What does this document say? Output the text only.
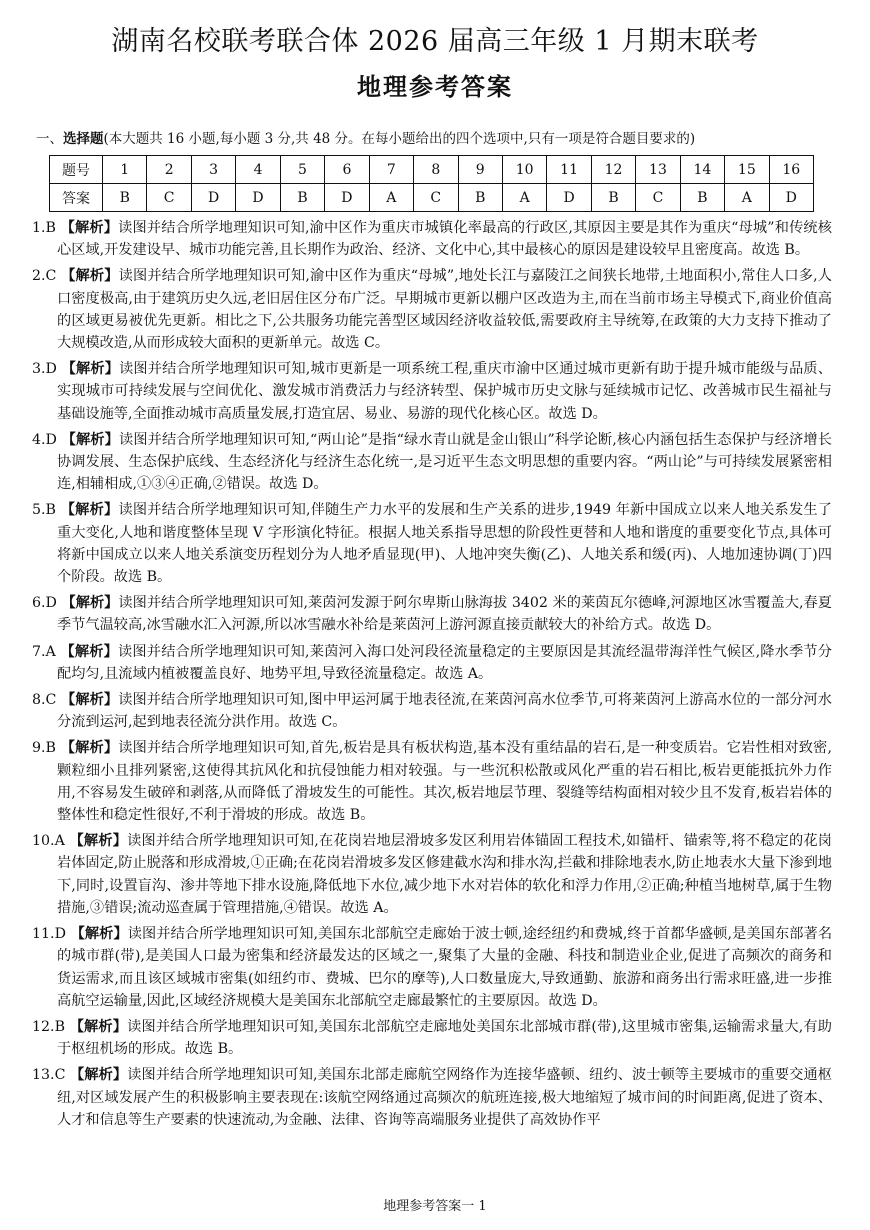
湖南名校联考联合体 2026 届高三年级 1 月期末联考
地理参考答案
一、选择题(本大题共 16 小题,每小题 3 分,共 48 分。在每小题给出的四个选项中,只有一项是符合题目要求的)
题号	1	2	3	4	5	6	7	8	9	10	11	12	13	14	15	16
答案	B	C	D	D	B	D	A	C	B	A	D	B	C	B	A	D
1.B 【解析】读图并结合所学地理知识可知,渝中区作为重庆市城镇化率最高的行政区,其原因主要是其作为重庆“母城”和传统核心区域,开发建设早、城市功能完善,且长期作为政治、经济、文化中心,其中最核心的原因是建设较早且密度高。故选 B。
2.C 【解析】读图并结合所学地理知识可知,渝中区作为重庆“母城”,地处长江与嘉陵江之间狭长地带,土地面积小,常住人口多,人口密度极高,由于建筑历史久远,老旧居住区分布广泛。早期城市更新以棚户区改造为主,而在当前市场主导模式下,商业价值高的区域更易被优先更新。相比之下,公共服务功能完善型区域因经济收益较低,需要政府主导统筹,在政策的大力支持下推动了大规模改造,从而形成较大面积的更新单元。故选 C。
3.D 【解析】读图并结合所学地理知识可知,城市更新是一项系统工程,重庆市渝中区通过城市更新有助于提升城市能级与品质、实现城市可持续发展与空间优化、激发城市消费活力与经济转型、保护城市历史文脉与延续城市记忆、改善城市民生福祉与基础设施等,全面推动城市高质量发展,打造宜居、易业、易游的现代化核心区。故选 D。
4.D 【解析】读图并结合所学地理知识可知,“两山论”是指“绿水青山就是金山银山”科学论断,核心内涵包括生态保护与经济增长协调发展、生态保护底线、生态经济化与经济生态化统一,是习近平生态文明思想的重要内容。“两山论”与可持续发展紧密相连,相辅相成,①③④正确,②错误。故选 D。
5.B 【解析】读图并结合所学地理知识可知,伴随生产力水平的发展和生产关系的进步,1949 年新中国成立以来人地关系发生了重大变化,人地和谐度整体呈现 V 字形演化特征。根据人地关系指导思想的阶段性更替和人地和谐度的重要变化节点,具体可将新中国成立以来人地关系演变历程划分为人地矛盾显现(甲)、人地冲突失衡(乙)、人地关系和缓(丙)、人地加速协调(丁)四个阶段。故选 B。
6.D 【解析】读图并结合所学地理知识可知,莱茵河发源于阿尔卑斯山脉海拔 3402 米的莱茵瓦尔德峰,河源地区冰雪覆盖大,春夏季节气温较高,冰雪融水汇入河源,所以冰雪融水补给是莱茵河上游河源直接贡献较大的补给方式。故选 D。
7.A 【解析】读图并结合所学地理知识可知,莱茵河入海口处河段径流量稳定的主要原因是其流经温带海洋性气候区,降水季节分配均匀,且流域内植被覆盖良好、地势平坦,导致径流量稳定。故选 A。
8.C 【解析】读图并结合所学地理知识可知,图中甲运河属于地表径流,在莱茵河高水位季节,可将莱茵河上游高水位的一部分河水分流到运河,起到地表径流分洪作用。故选 C。
9.B 【解析】读图并结合所学地理知识可知,首先,板岩是具有板状构造,基本没有重结晶的岩石,是一种变质岩。它岩性相对致密,颗粒细小且排列紧密,这使得其抗风化和抗侵蚀能力相对较强。与一些沉积松散或风化严重的岩石相比,板岩更能抵抗外力作用,不容易发生破碎和剥落,从而降低了滑坡发生的可能性。其次,板岩地层节理、裂缝等结构面相对较少且不发育,板岩岩体的整体性和稳定性很好,不利于滑坡的形成。故选 B。
10.A 【解析】读图并结合所学地理知识可知,在花岗岩地层滑坡多发区利用岩体锚固工程技术,如锚杆、锚索等,将不稳定的花岗岩体固定,防止脱落和形成滑坡,①正确;在花岗岩滑坡多发区修建截水沟和排水沟,拦截和排除地表水,防止地表水大量下渗到地下,同时,设置盲沟、渗井等地下排水设施,降低地下水位,减少地下水对岩体的软化和浮力作用,②正确;种植当地树草,属于生物措施,③错误;流动巡查属于管理措施,④错误。故选 A。
11.D 【解析】读图并结合所学地理知识可知,美国东北部航空走廊始于波士顿,途经纽约和费城,终于首都华盛顿,是美国东部著名的城市群(带),是美国人口最为密集和经济最发达的区域之一,聚集了大量的金融、科技和制造业企业,促进了高频次的商务和货运需求,而且该区域城市密集(如纽约市、费城、巴尔的摩等),人口数量庞大,导致通勤、旅游和商务出行需求旺盛,进一步推高航空运输量,因此,区域经济规模大是美国东北部航空走廊最繁忙的主要原因。故选 D。
12.B 【解析】读图并结合所学地理知识可知,美国东北部航空走廊地处美国东北部城市群(带),这里城市密集,运输需求量大,有助于枢纽机场的形成。故选 B。
13.C 【解析】读图并结合所学地理知识可知,美国东北部走廊航空网络作为连接华盛顿、纽约、波士顿等主要城市的重要交通枢纽,对区域发展产生的积极影响主要表现在:该航空网络通过高频次的航班连接,极大地缩短了城市间的时间距离,促进了资本、人才和信息等生产要素的快速流动,为金融、法律、咨询等高端服务业提供了高效协作平
地理参考答案一 1
